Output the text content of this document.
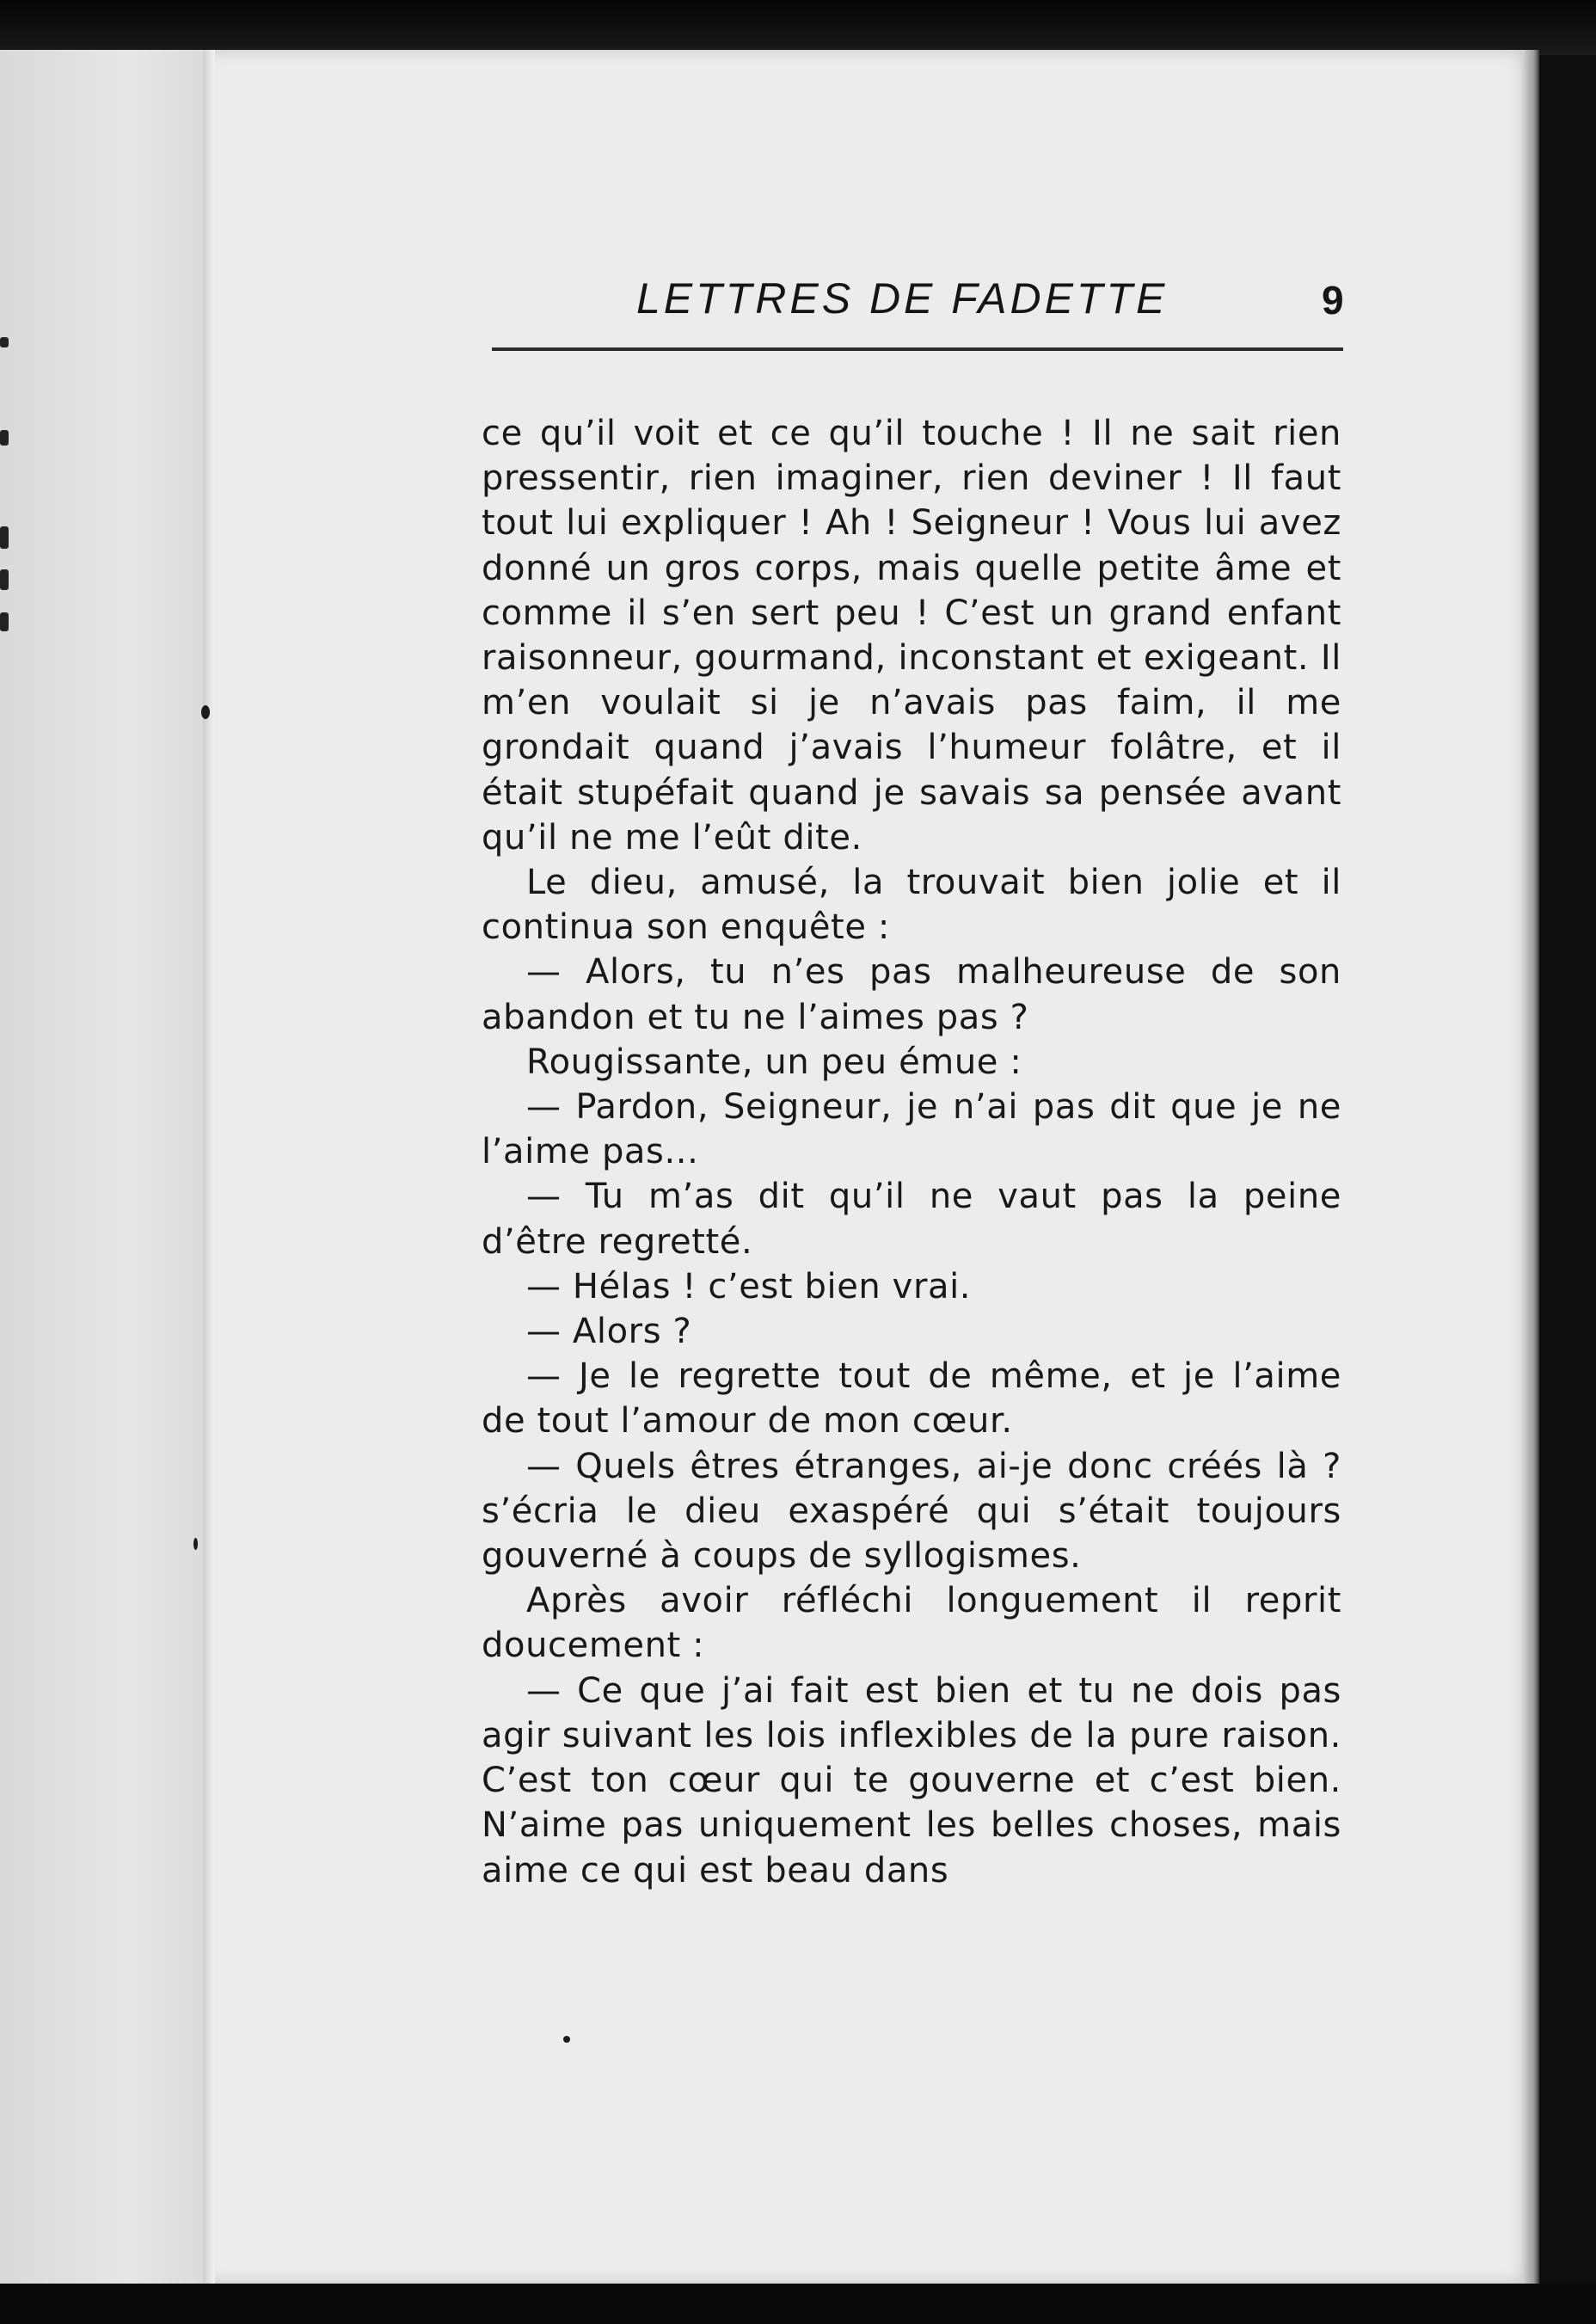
LETTRES DE FADETTE	9

ce qu’il voit et ce qu’il touche ! Il ne sait rien pressentir, rien imaginer, rien deviner ! Il faut tout lui expliquer ! Ah ! Seigneur ! Vous lui avez donné un gros corps, mais quelle petite âme et comme il s’en sert peu ! C’est un grand enfant raisonneur, gourmand, inconstant et exigeant. Il m’en voulait si je n’avais pas faim, il me grondait quand j’avais l’humeur folâtre, et il était stupéfait quand je savais sa pensée avant qu’il ne me l’eût dite.

Le dieu, amusé, la trouvait bien jolie et il continua son enquête :

— Alors, tu n’es pas malheureuse de son abandon et tu ne l’aimes pas ?

Rougissante, un peu émue :

— Pardon, Seigneur, je n’ai pas dit que je ne l’aime pas...

— Tu m’as dit qu’il ne vaut pas la peine d’être regretté.

— Hélas ! c’est bien vrai.

— Alors ?

— Je le regrette tout de même, et je l’aime de tout l’amour de mon cœur.

— Quels êtres étranges, ai-je donc créés là ? s’écria le dieu exaspéré qui s’était toujours gouverné à coups de syllogismes.

Après avoir réfléchi longuement il reprit doucement :

— Ce que j’ai fait est bien et tu ne dois pas agir suivant les lois inflexibles de la pure raison. C’est ton cœur qui te gouverne et c’est bien. N’aime pas uniquement les belles choses, mais aime ce qui est beau dans
